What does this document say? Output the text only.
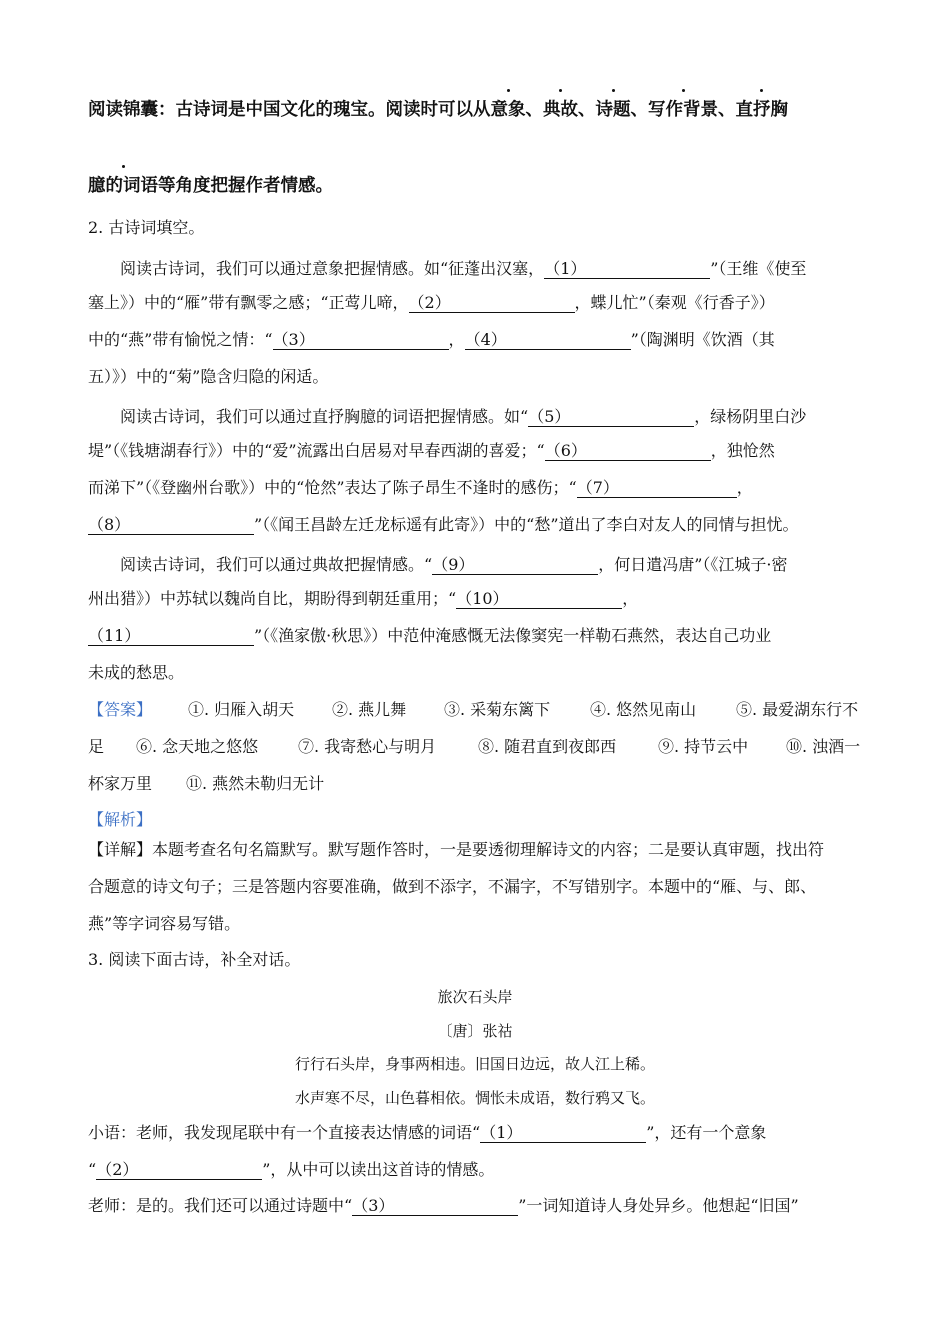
阅读锦囊：古诗词是中国文化的瑰宝。阅读时可以从意象、典故、诗题、写作背景、直抒胸
臆的词语等角度把握作者情感。
2. 古诗词填空。
阅读古诗词，我们可以通过意象把握情感。如“征蓬出汉塞，（1）	”（王维《使至
塞上》）中的“雁”带有飘零之感；“正莺儿啼，（2）	，蝶儿忙”（秦观《行香子》）
中的“燕”带有愉悦之情：“（3）	，（4）	”（陶渊明《饮酒（其
五）》）中的“菊”隐含归隐的闲适。
阅读古诗词，我们可以通过直抒胸臆的词语把握情感。如“（5）	，绿杨阴里白沙
堤”（《钱塘湖春行》）中的“爱”流露出白居易对早春西湖的喜爱；“（6）	，独怆然
而涕下”（《登幽州台歌》）中的“怆然”表达了陈子昂生不逢时的感伤；“（7）	，
（8）	”（《闻王昌龄左迁龙标遥有此寄》）中的“愁”道出了李白对友人的同情与担忧。
阅读古诗词，我们可以通过典故把握情感。“（9）	，何日遣冯唐”（《江城子·密
州出猎》）中苏轼以魏尚自比，期盼得到朝廷重用；“（10）	，
（11）	”（《渔家傲·秋思》）中范仲淹感慨无法像窦宪一样勒石燕然，表达自己功业
未成的愁思。
【答案】 ①. 归雁入胡天 ②. 燕儿舞 ③. 采菊东篱下 ④. 悠然见南山 ⑤. 最爱湖东行不
足 ⑥. 念天地之悠悠 ⑦. 我寄愁心与明月	⑧. 随君直到夜郎西	⑨. 持节云中 ⑩. 浊酒一
杯家万里 ⑪. 燕然未勒归无计
【解析】
【详解】本题考查名句名篇默写。默写题作答时，一是要透彻理解诗文的内容；二是要认真审题，找出符
合题意的诗文句子；三是答题内容要准确，做到不添字，不漏字，不写错别字。本题中的“雁、与、郎、
燕”等字词容易写错。
3. 阅读下面古诗，补全对话。
旅次石头岸
〔唐〕张祜
行行石头岸，身事两相违。旧国日边远，故人江上稀。
水声寒不尽，山色暮相依。惆怅未成语，数行鸦又飞。
小语：老师，我发现尾联中有一个直接表达情感的词语“（1）	”，还有一个意象
“（2）	”，从中可以读出这首诗的情感。
老师：是的。我们还可以通过诗题中“（3）	”一词知道诗人身处异乡。他想起“旧国”
